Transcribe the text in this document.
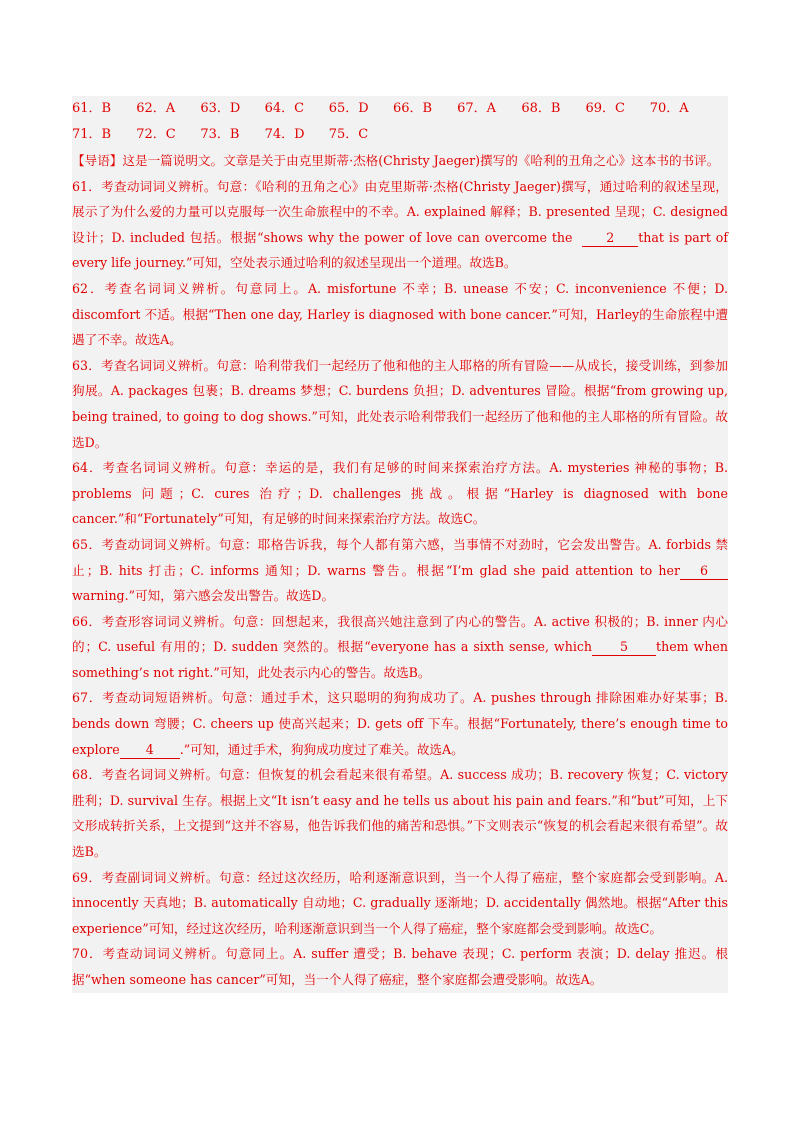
61．B	62．A	63．D	64．C	65．D	66．B	67．A	68．B	69．C	70．A
71．B	72．C	73．B	74．D	75．C
【导语】这是一篇说明文。文章是关于由克里斯蒂·杰格(Christy Jaeger)撰写的《哈利的丑角之心》这本书的书评。
61．考查动词词义辨析。句意：《哈利的丑角之心》由克里斯蒂·杰格(Christy Jaeger)撰写，通过哈利的叙述呈现，展示了为什么爱的力量可以克服每一次生命旅程中的不幸。A. explained 解释；B. presented 呈现；C. designed 设计；D. included 包括。根据“shows why the power of love can overcome the	2 that is part of every life journey.”可知，空处表示通过哈利的叙述呈现出一个道理。故选B。
62．考查名词词义辨析。句意同上。A. misfortune 不幸；B. unease 不安；C. inconvenience 不便；D. discomfort 不适。根据“Then one day, Harley is diagnosed with bone cancer.”可知，Harley的生命旅程中遭遇了不幸。故选A。
63．考查名词词义辨析。句意：哈利带我们一起经历了他和他的主人耶格的所有冒险——从成长，接受训练，到参加狗展。A. packages 包裹；B. dreams 梦想；C. burdens 负担；D. adventures 冒险。根据“from growing up, being trained, to going to dog shows.”可知，此处表示哈利带我们一起经历了他和他的主人耶格的所有冒险。故选D。
64．考查名词词义辨析。句意：幸运的是，我们有足够的时间来探索治疗方法。A. mysteries 神秘的事物；B. problems 问题；C. cures 治疗；D. challenges 挑战。根据“Harley is diagnosed with bone cancer.”和“Fortunately”可知，有足够的时间来探索治疗方法。故选C。
65．考查动词词义辨析。句意：耶格告诉我，每个人都有第六感，当事情不对劲时，它会发出警告。A. forbids 禁止；B. hits 打击；C. informs 通知；D. warns 警告。根据“I’m glad she paid attention to her 6warning.”可知，第六感会发出警告。故选D。
66．考查形容词词义辨析。句意：回想起来，我很高兴她注意到了内心的警告。A. active 积极的；B. inner 内心的；C. useful 有用的；D. sudden 突然的。根据“everyone has a sixth sense, which 5 them when something’s not right.”可知，此处表示内心的警告。故选B。
67．考查动词短语辨析。句意：通过手术，这只聪明的狗狗成功了。A. pushes through 排除困难办好某事；B. bends down 弯腰；C. cheers up 使高兴起来；D. gets off 下车。根据“Fortunately, there’s enough time to explore 4 .”可知，通过手术，狗狗成功度过了难关。故选A。
68．考查名词词义辨析。句意：但恢复的机会看起来很有希望。A. success 成功；B. recovery 恢复；C. victory 胜利；D. survival 生存。根据上文“It isn’t easy and he tells us about his pain and fears.”和“but”可知，上下文形成转折关系，上文提到“这并不容易，他告诉我们他的痛苦和恐惧。”下文则表示“恢复的机会看起来很有希望”。故选B。
69．考查副词词义辨析。句意：经过这次经历，哈利逐渐意识到，当一个人得了癌症，整个家庭都会受到影响。A. innocently 天真地；B. automatically 自动地；C. gradually 逐渐地；D. accidentally 偶然地。根据“After this experience”可知，经过这次经历，哈利逐渐意识到当一个人得了癌症，整个家庭都会受到影响。故选C。
70．考查动词词义辨析。句意同上。A. suffer 遭受；B. behave 表现；C. perform 表演；D. delay 推迟。根据“when someone has cancer”可知，当一个人得了癌症，整个家庭都会遭受影响。故选A。
